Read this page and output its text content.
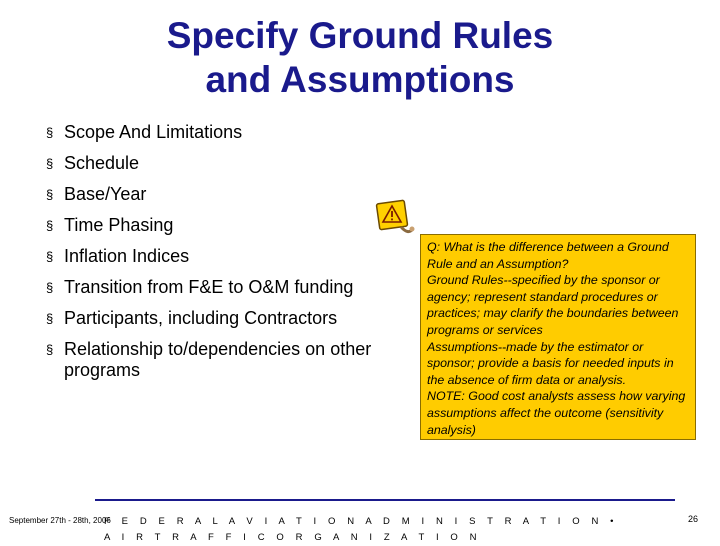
Specify Ground Rules
and Assumptions
§ Scope And Limitations
§ Schedule
§ Base/Year
§ Time Phasing
§ Inflation Indices
§ Transition from F&E to O&M funding
§ Participants, including Contractors
§ Relationship to/dependencies on other programs
Q: What is the difference between a Ground Rule and an Assumption?
Ground Rules--specified by the sponsor or agency; represent standard procedures or practices; may clarify the boundaries between programs or services
Assumptions--made by the estimator or sponsor; provide a basis for needed inputs in the absence of firm data or analysis.
NOTE: Good cost analysts assess how varying assumptions affect the outcome (sensitivity analysis)
September 27th - 28th, 2006
F E D E R A L A V I A T I O N A D M I N I S T R A T I O N • A I R T R A F F I C O R G A N I Z A T I O N
26
